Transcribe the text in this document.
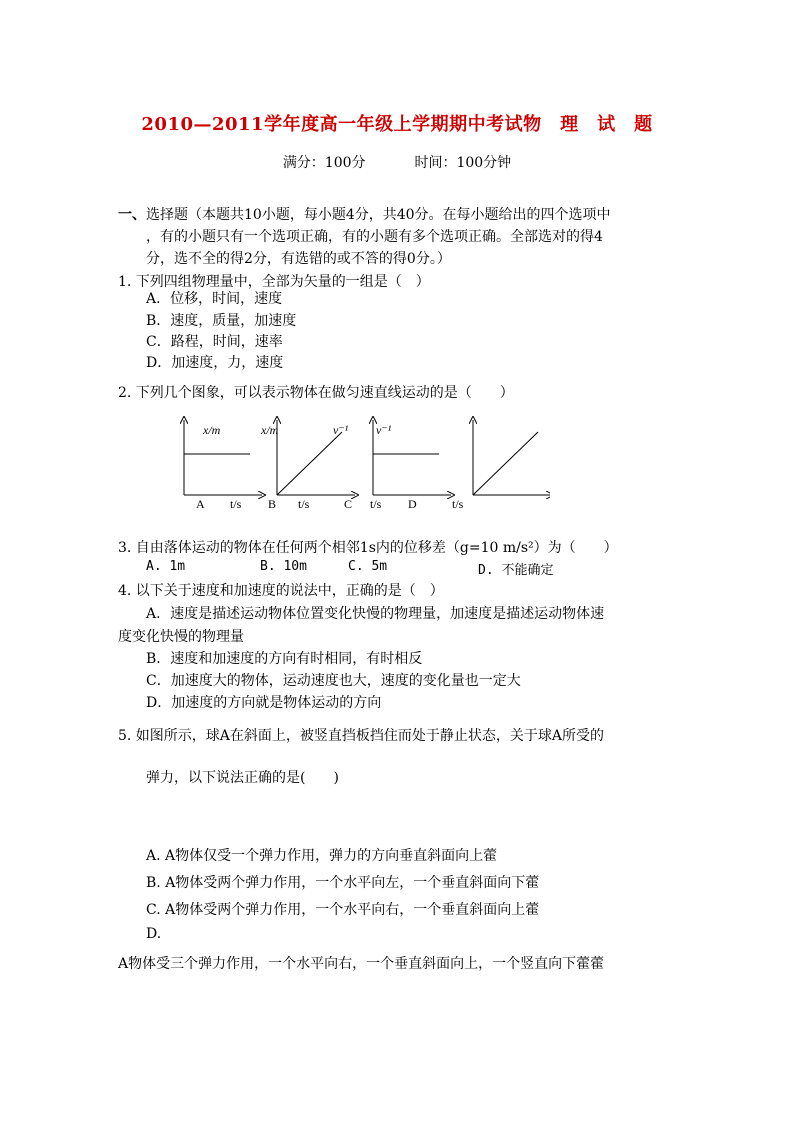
2010—2011学年度高一年级上学期期中考试物　理　试　题
满分：100分	时间：100分钟
一、选择题（本题共10小题，每小题4分，共40分。在每小题给出的四个选项中
，有的小题只有一个选项正确，有的小题有多个选项正确。全部选对的得4
分，选不全的得2分，有选错的或不答的得0分。）
1. 下列四组物理量中，全部为矢量的一组是（　）
A．位移，时间，速度
B．速度，质量，加速度
C．路程，时间，速率
D．加速度，力，速度
2. 下列几个图象，可以表示物体在做匀速直线运动的是（　　）
x/m
A t/s
x/m
B t/s
v⁻¹
C t/s
v⁻¹
D	t/s
3. 自由落体运动的物体在任何两个相邻1s内的位移差（g=10 m/s²）为（　　）
A. 1m	B. 10m	C. 5m	D. 不能确定
4. 以下关于速度和加速度的说法中，正确的是（　）
A．速度是描述运动物体位置变化快慢的物理量，加速度是描述运动物体速
度变化快慢的物理量
B．速度和加速度的方向有时相同，有时相反
C．加速度大的物体，运动速度也大，速度的变化量也一定大
D．加速度的方向就是物体运动的方向
5. 如图所示，球A在斜面上，被竖直挡板挡住而处于静止状态，关于球A所受的
弹力，以下说法正确的是(　　)
A. A物体仅受一个弹力作用，弹力的方向垂直斜面向上藿
B. A物体受两个弹力作用，一个水平向左，一个垂直斜面向下藿
C. A物体受两个弹力作用，一个水平向右，一个垂直斜面向上藿
D.
A物体受三个弹力作用，一个水平向右，一个垂直斜面向上，一个竖直向下藿藿
